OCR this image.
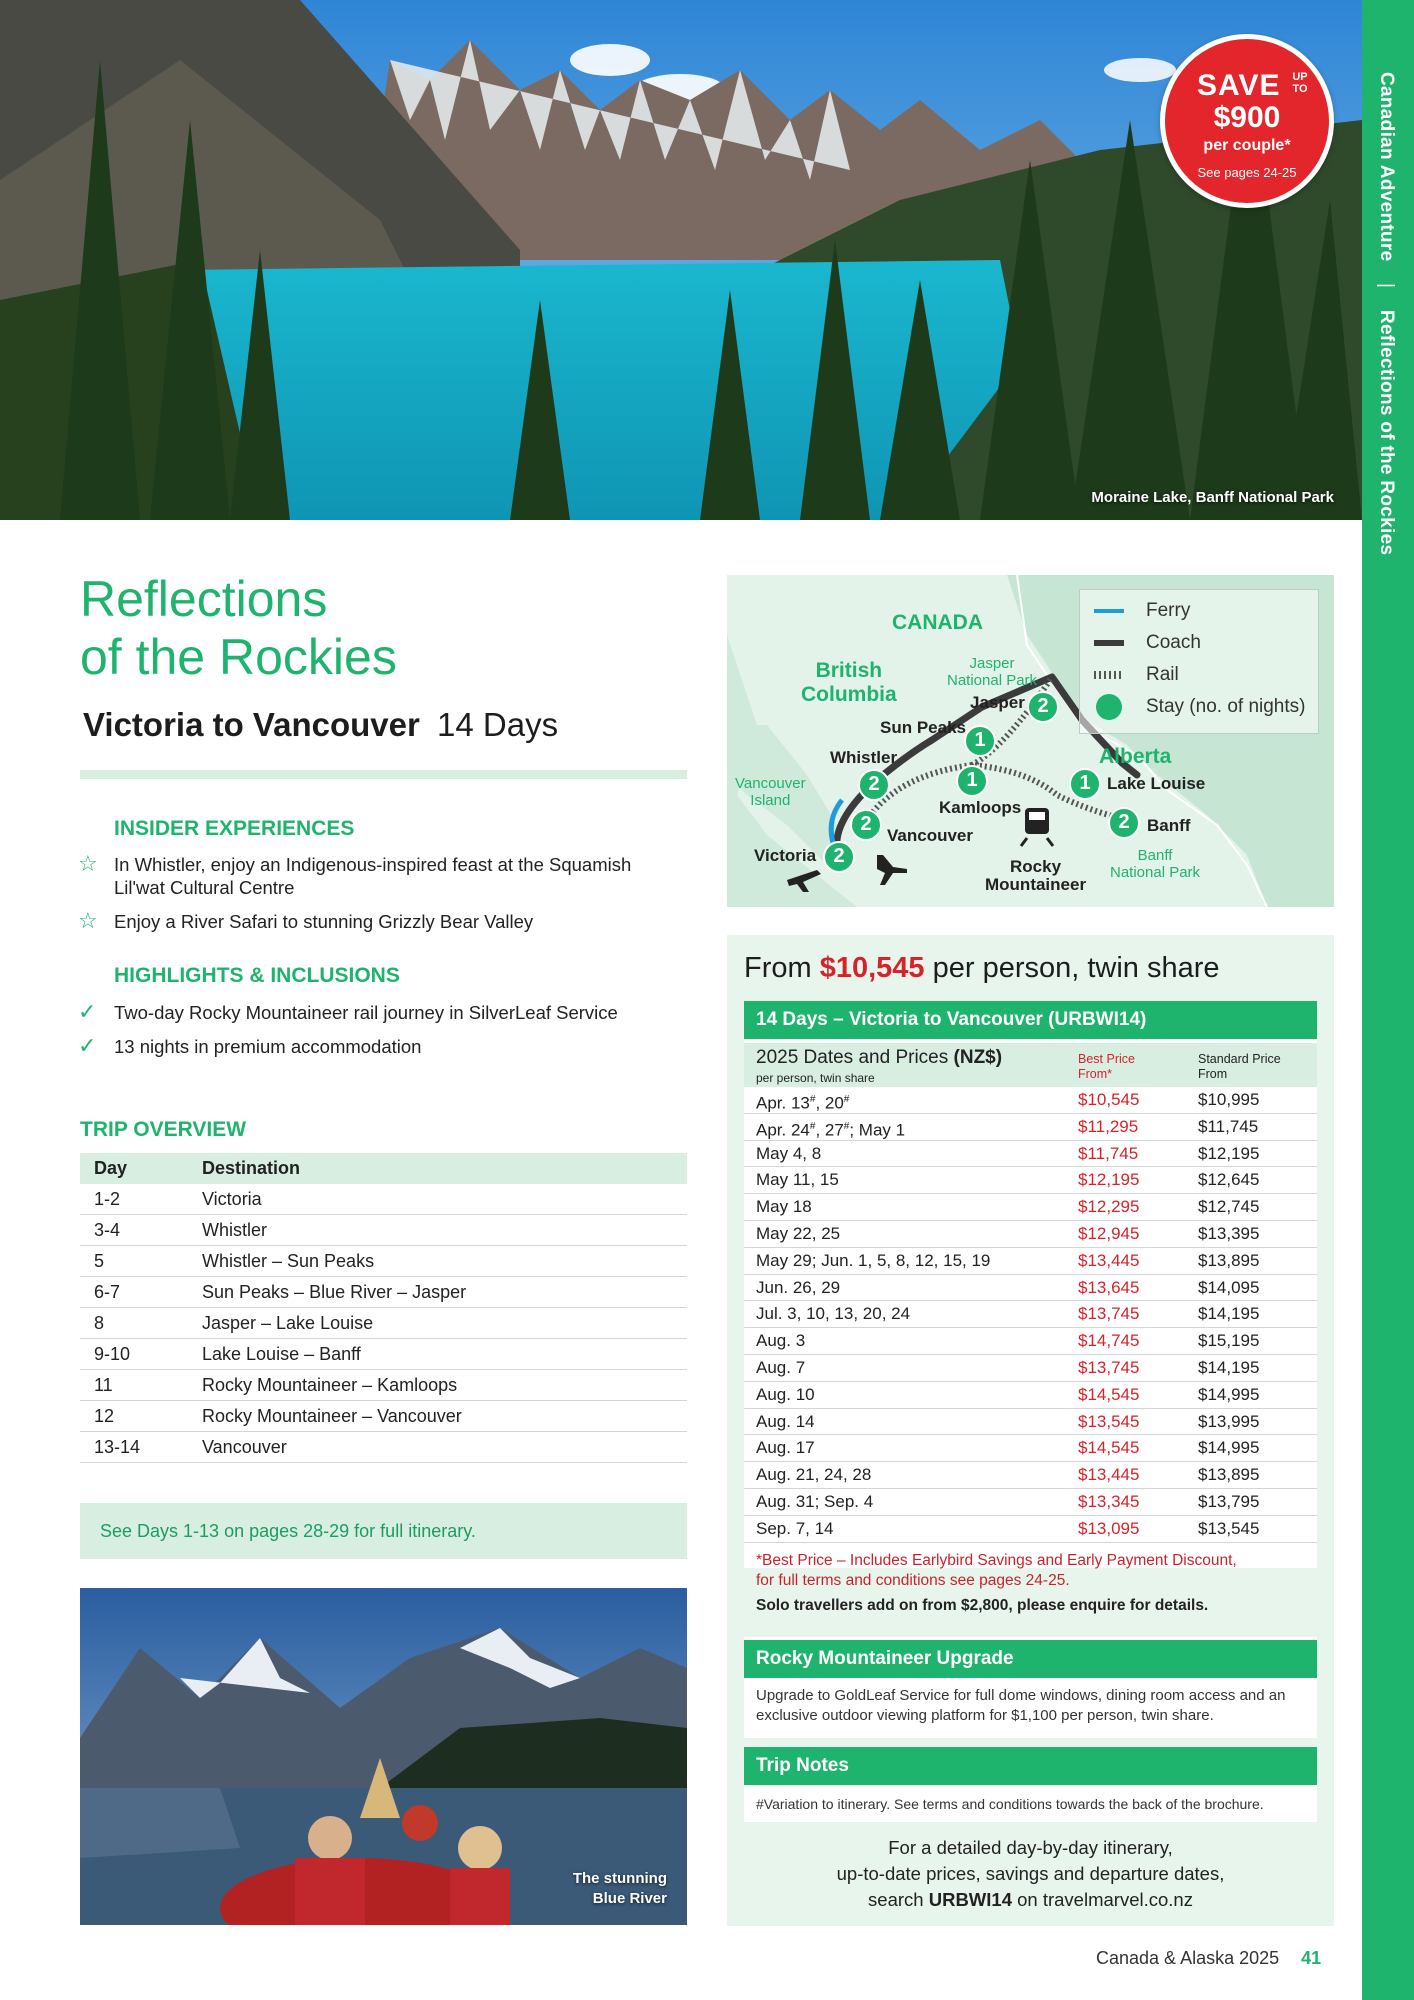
Moraine Lake, Banff National Park
SAVE	UP TO
$900
per couple*
See pages 24-25	Canadian Adventure | Reflections of the Rockies
Reflections
of the Rockies
Victoria to Vancouver 14 Days
INSIDER EXPERIENCES
☆ In Whistler, enjoy an Indigenous-inspired feast at the Squamish Lil'wat Cultural Centre
☆ Enjoy a River Safari to stunning Grizzly Bear Valley
HIGHLIGHTS & INCLUSIONS
✓ Two-day Rocky Mountaineer rail journey in SilverLeaf Service
✓ 13 nights in premium accommodation
TRIP OVERVIEW
Day	Destination
1-2	Victoria
3-4	Whistler
5	Whistler – Sun Peaks
6-7	Sun Peaks – Blue River – Jasper
8	Jasper – Lake Louise
9-10	Lake Louise – Banff
11	Rocky Mountaineer – Kamloops
12	Rocky Mountaineer – Vancouver
13-14	Vancouver
See Days 1-13 on pages 28-29 for full itinerary.
The stunning
Blue River
CANADA
British
Columbia
Alberta
Vancouver
Island
Jasper
National Park
Banff
National Park
Ferry
Coach
Rail
Stay (no. of nights)
Jasper
Sun Peaks
Whistler
Kamloops
Vancouver
Victoria
Lake Louise
Banff
Rocky
Mountaineer
2
1
2	1
2
2
1
2
From $10,545 per person, twin share
14 Days – Victoria to Vancouver (URBWI14)
2025 Dates and Prices (NZ$)
per person, twin share
Best Price
From*
Standard Price
From
Apr. 13#, 20#	$10,545	$10,995
Apr. 24#, 27#; May 1	$11,295	$11,745
May 4, 8	$11,745	$12,195
May 11, 15	$12,195	$12,645
May 18	$12,295	$12,745
May 22, 25	$12,945	$13,395
May 29; Jun. 1, 5, 8, 12, 15, 19	$13,445	$13,895
Jun. 26, 29	$13,645	$14,095
Jul. 3, 10, 13, 20, 24	$13,745	$14,195
Aug. 3	$14,745	$15,195
Aug. 7	$13,745	$14,195
Aug. 10	$14,545	$14,995
Aug. 14	$13,545	$13,995
Aug. 17	$14,545	$14,995
Aug. 21, 24, 28	$13,445	$13,895
Aug. 31; Sep. 4	$13,345	$13,795
Sep. 7, 14	$13,095	$13,545
*Best Price – Includes Earlybird Savings and Early Payment Discount,
for full terms and conditions see pages 24-25.
Solo travellers add on from $2,800, please enquire for details.
Rocky Mountaineer Upgrade
Upgrade to GoldLeaf Service for full dome windows, dining room access and an exclusive outdoor viewing platform for $1,100 per person, twin share.
Trip Notes
#Variation to itinerary. See terms and conditions towards the back of the brochure.
For a detailed day-by-day itinerary,
up-to-date prices, savings and departure dates,
search URBWI14 on travelmarvel.co.nz
Canada & Alaska 2025 41
